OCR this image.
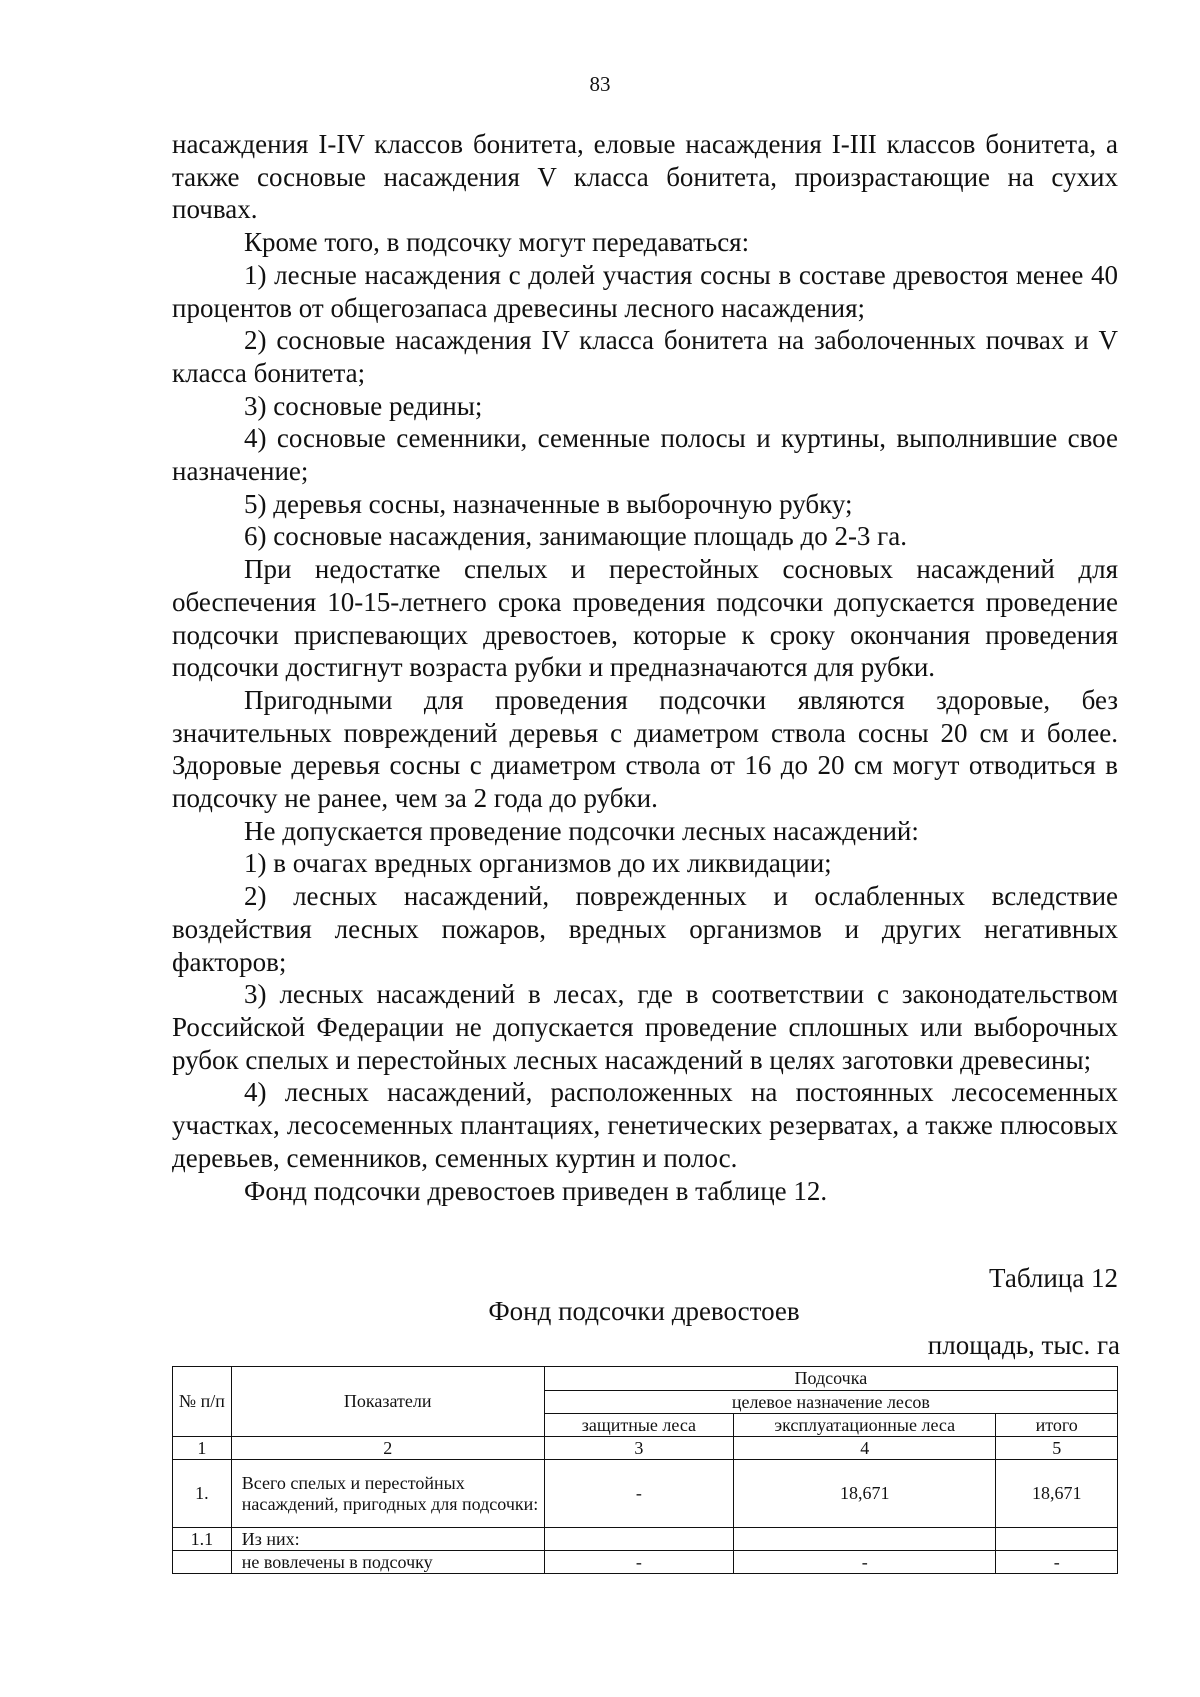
83

насаждения I-IV классов бонитета, еловые насаждения I-III классов бонитета, а также сосновые насаждения V класса бонитета, произрастающие на сухих почвах.

Кроме того, в подсочку могут передаваться:

1) лесные насаждения с долей участия сосны в составе древостоя менее 40 процентов от общегозапаса древесины лесного насаждения;

2) сосновые насаждения IV класса бонитета на заболоченных почвах и V класса бонитета;

3) сосновые редины;

4) сосновые семенники, семенные полосы и куртины, выполнившие свое назначение;

5) деревья сосны, назначенные в выборочную рубку;

6) сосновые насаждения, занимающие площадь до 2-3 га.

При недостатке спелых и перестойных сосновых насаждений для обеспечения 10-15-летнего срока проведения подсочки допускается проведение подсочки приспевающих древостоев, которые к сроку окончания проведения подсочки достигнут возраста рубки и предназначаются для рубки.

Пригодными для проведения подсочки являются здоровые, без значительных повреждений деревья с диаметром ствола сосны 20 см и более. Здоровые деревья сосны с диаметром ствола от 16 до 20 см могут отводиться в подсочку не ранее, чем за 2 года до рубки.

Не допускается проведение подсочки лесных насаждений:

1) в очагах вредных организмов до их ликвидации;

2) лесных насаждений, поврежденных и ослабленных вследствие воздействия лесных пожаров, вредных организмов и других негативных факторов;

3) лесных насаждений в лесах, где в соответствии с законодательством Российской Федерации не допускается проведение сплошных или выборочных рубок спелых и перестойных лесных насаждений в целях заготовки древесины;

4) лесных насаждений, расположенных на постоянных лесосеменных участках, лесосеменных плантациях, генетических резерватах, а также плюсовых деревьев, семенников, семенных куртин и полос.

Фонд подсочки древостоев приведен в таблице 12.

Таблица 12
Фонд подсочки древостоев
площадь, тыс. га
№ п/п	Показатели	Подсочка		
		целевое назначение лесов		
		защитные леса	эксплуатационные леса	итого
1	2	3	4	5
1.	Всего спелых и перестойных насаждений, пригодных для подсочки:	-	18,671	18,671
1.1	Из них:			
	не вовлечены в подсочку	-	-	-
